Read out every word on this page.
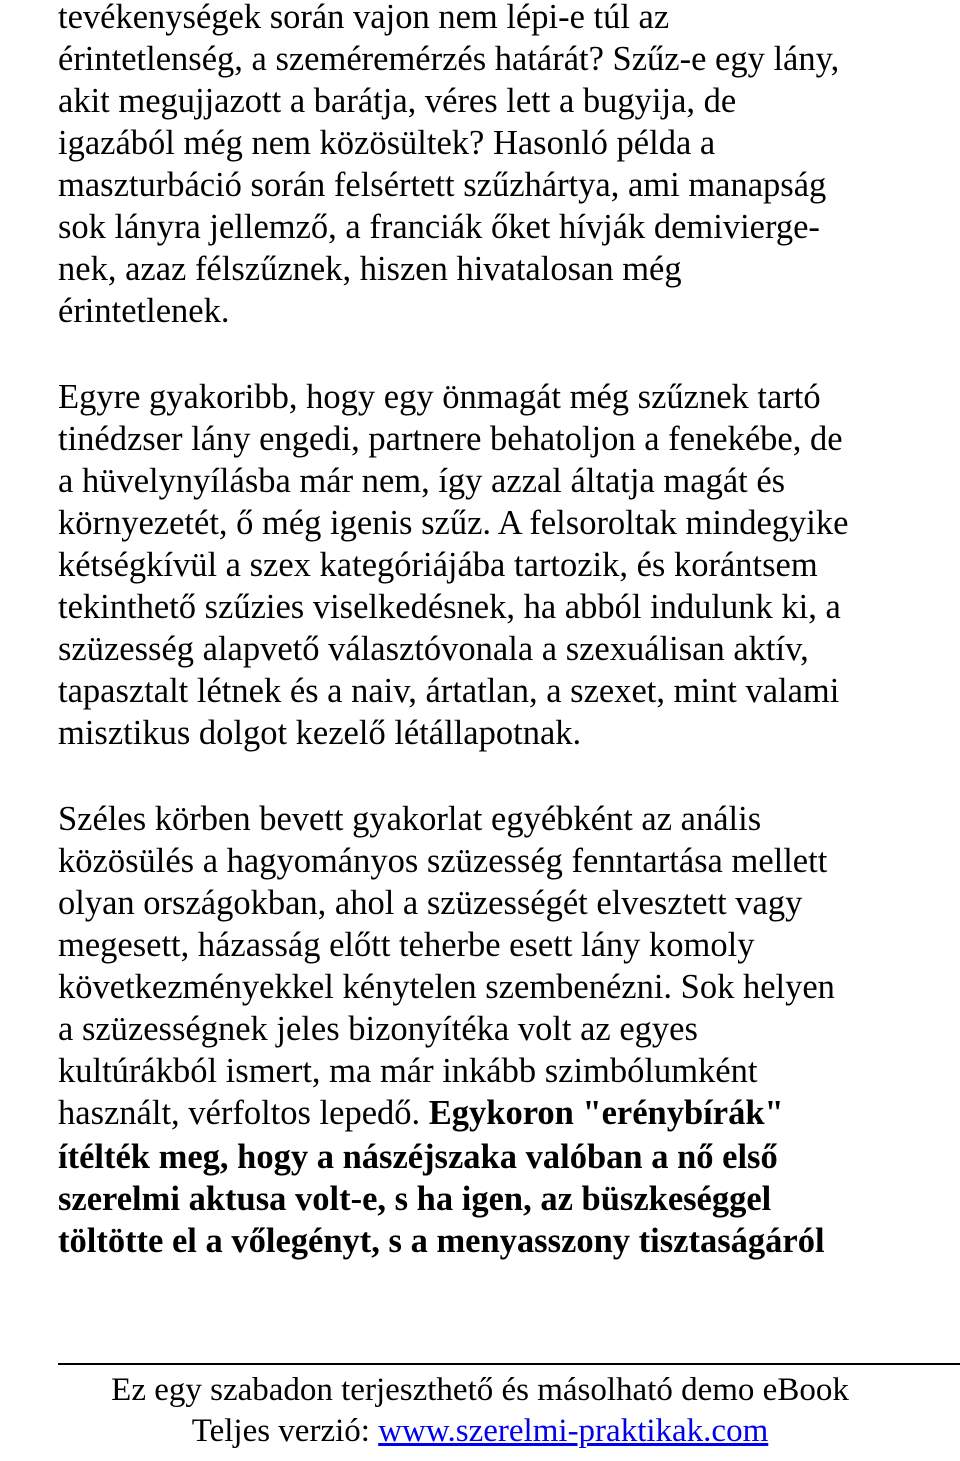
tevékenységek során vajon nem lépi-e túl az
érintetlenség, a szeméremérzés határát? Szűz-e egy lány,
akit megujjazott a barátja, véres lett a bugyija, de
igazából még nem közösültek? Hasonló példa a
maszturbáció során felsértett szűzhártya, ami manapság
sok lányra jellemző, a franciák őket hívják demivierge-
nek, azaz félszűznek, hiszen hivatalosan még
érintetlenek.
Egyre gyakoribb, hogy egy önmagát még szűznek tartó
tinédzser lány engedi, partnere behatoljon a fenekébe, de
a hüvelynyílásba már nem, így azzal áltatja magát és
környezetét, ő még igenis szűz. A felsoroltak mindegyike
kétségkívül a szex kategóriájába tartozik, és korántsem
tekinthető szűzies viselkedésnek, ha abból indulunk ki, a
szüzesség alapvető választóvonala a szexuálisan aktív,
tapasztalt létnek és a naiv, ártatlan, a szexet, mint valami
misztikus dolgot kezelő létállapotnak.
Széles körben bevett gyakorlat egyébként az anális
közösülés a hagyományos szüzesség fenntartása mellett
olyan országokban, ahol a szüzességét elvesztett vagy
megesett, házasság előtt teherbe esett lány komoly
következményekkel kénytelen szembenézni. Sok helyen
a szüzességnek jeles bizonyítéka volt az egyes
kultúrákból ismert, ma már inkább szimbólumként
használt, vérfoltos lepedő. Egykoron "erénybírák"
ítélték meg, hogy a nászéjszaka valóban a nő első
szerelmi aktusa volt-e, s ha igen, az büszkeséggel
töltötte el a vőlegényt, s a menyasszony tisztaságáról
Ez egy szabadon terjeszthető és másolható demo eBook
Teljes verzió: www.szerelmi-praktikak.com
